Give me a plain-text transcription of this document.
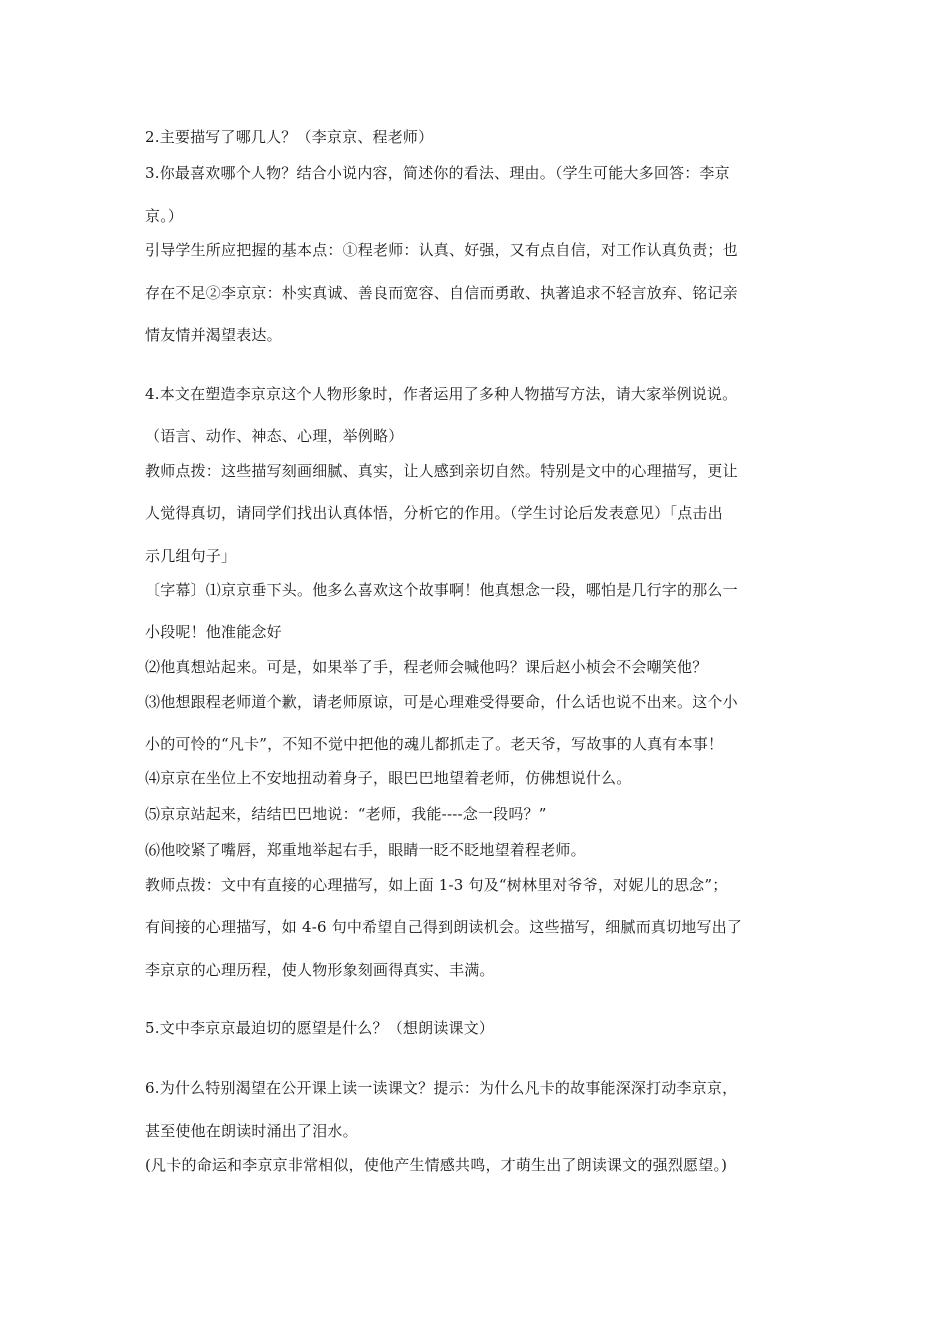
2.主要描写了哪几人？（李京京、程老师）
3.你最喜欢哪个人物？结合小说内容，简述你的看法、理由。（学生可能大多回答：李京
京。）
引导学生所应把握的基本点：①程老师：认真、好强，又有点自信，对工作认真负责；也
存在不足②李京京：朴实真诚、善良而宽容、自信而勇敢、执著追求不轻言放弃、铭记亲
情友情并渴望表达。
4.本文在塑造李京京这个人物形象时，作者运用了多种人物描写方法，请大家举例说说。
（语言、动作、神态、心理，举例略）
教师点拨：这些描写刻画细腻、真实，让人感到亲切自然。特别是文中的心理描写，更让
人觉得真切，请同学们找出认真体悟，分析它的作用。（学生讨论后发表意见）「点击出
示几组句子」
〔字幕〕⑴京京垂下头。他多么喜欢这个故事啊！他真想念一段，哪怕是几行字的那么一
小段呢！他准能念好
⑵他真想站起来。可是，如果举了手，程老师会喊他吗？课后赵小桢会不会嘲笑他？
⑶他想跟程老师道个歉，请老师原谅，可是心理难受得要命，什么话也说不出来。这个小
小的可怜的“凡卡”，不知不觉中把他的魂儿都抓走了。老天爷，写故事的人真有本事！
⑷京京在坐位上不安地扭动着身子，眼巴巴地望着老师，仿佛想说什么。
⑸京京站起来，结结巴巴地说：“老师，我能----念一段吗？”
⑹他咬紧了嘴唇，郑重地举起右手，眼睛一眨不眨地望着程老师。
教师点拨：文中有直接的心理描写，如上面 1-3 句及“树林里对爷爷，对妮儿的思念”；
有间接的心理描写，如 4-6 句中希望自己得到朗读机会。这些描写，细腻而真切地写出了
李京京的心理历程，使人物形象刻画得真实、丰满。
5.文中李京京最迫切的愿望是什么？（想朗读课文）
6.为什么特别渴望在公开课上读一读课文？提示：为什么凡卡的故事能深深打动李京京，
甚至使他在朗读时涌出了泪水。
(凡卡的命运和李京京非常相似，使他产生情感共鸣，才萌生出了朗读课文的强烈愿望。)
